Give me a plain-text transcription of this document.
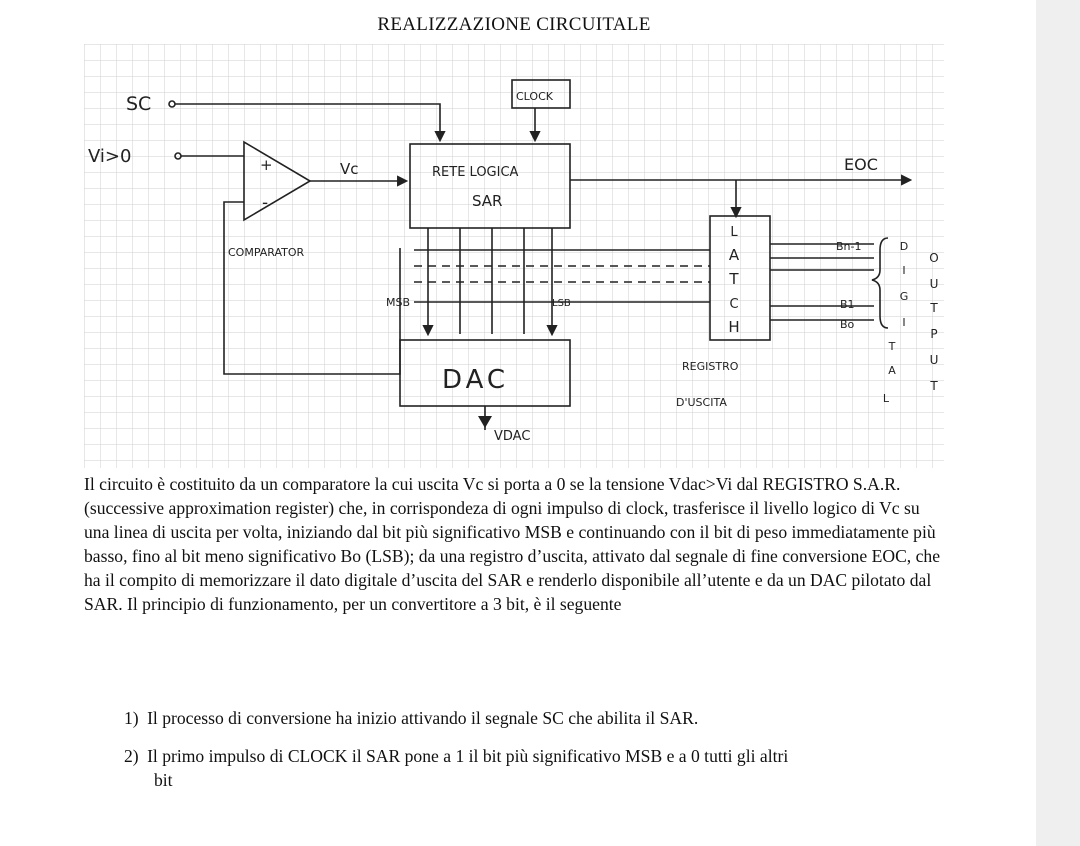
REALIZZAZIONE CIRCUITALE
SC	CLOCK
Vi>0	+
-
Vc	RETE LOGICA
SAR
EOC
COMPARATOR
MSB	LSB
DAC
VDAC
L
A
T
C
H
Bn-1
B1
Bo
REGISTRO
D'USCITA
D
I
G
I
T
A
L
O
U
T
P
U
T

Il circuito è costituito da un comparatore la cui uscita Vc si porta a 0 se la tensione Vdac>Vi dal REGISTRO S.A.R. (successive approximation register) che, in corrispondeza di ogni impulso di clock, trasferisce il livello logico di Vc su una linea di uscita per volta, iniziando dal bit più significativo MSB e continuando con il bit di peso immediatamente più basso, fino al bit meno significativo Bo (LSB); da una registro d’uscita, attivato dal segnale di fine conversione EOC, che ha il compito di memorizzare il dato digitale d’uscita del SAR e renderlo disponibile all’utente e da un DAC pilotato dal SAR. Il principio di funzionamento, per un convertitore a 3 bit, è il seguente

1) Il processo di conversione ha inizio attivando il segnale SC che abilita il SAR.
2) Il primo impulso di CLOCK il SAR pone a 1 il bit più significativo MSB e a 0 tutti gli altri
bit
